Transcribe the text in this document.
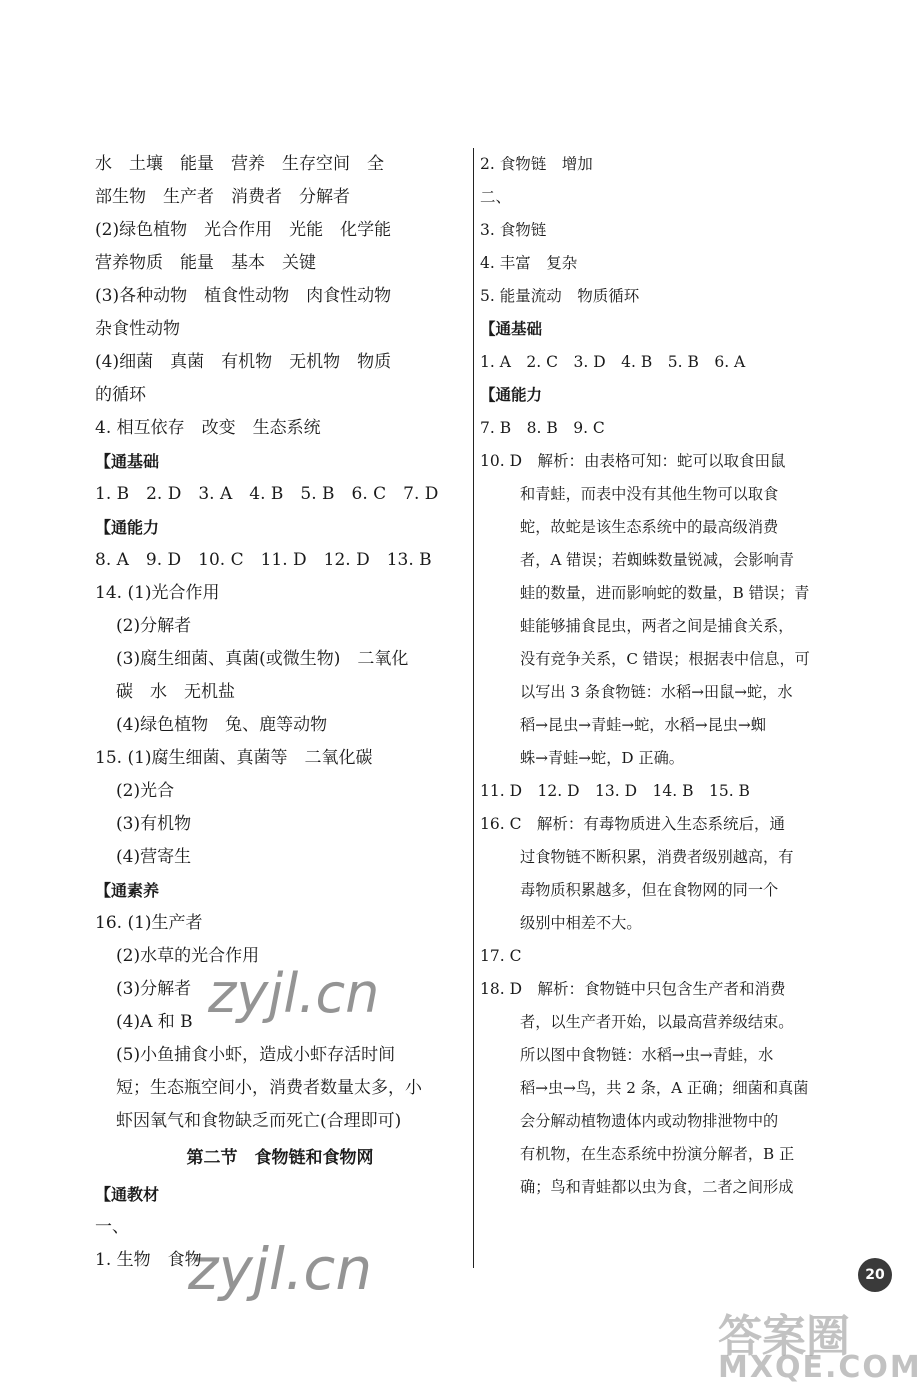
水　土壤　能量　营养　生存空间　全
部生物　生产者　消费者　分解者
(2)绿色植物　光合作用　光能　化学能
营养物质　能量　基本　关键
(3)各种动物　植食性动物　肉食性动物
杂食性动物
(4)细菌　真菌　有机物　无机物　物质
的循环
4. 相互依存　改变　生态系统
【通基础
1. B　2. D　3. A　4. B　5. B　6. C　7. D
【通能力
8. A　9. D　10. C　11. D　12. D　13. B
14. (1)光合作用
(2)分解者
(3)腐生细菌、真菌(或微生物)　二氧化
碳　水　无机盐
(4)绿色植物　兔、鹿等动物
15. (1)腐生细菌、真菌等　二氧化碳
(2)光合
(3)有机物
(4)营寄生
【通素养
16. (1)生产者
(2)水草的光合作用
(3)分解者
(4)A 和 B
(5)小鱼捕食小虾，造成小虾存活时间
短；生态瓶空间小，消费者数量太多，小
虾因氧气和食物缺乏而死亡(合理即可)
第二节　食物链和食物网
【通教材
一、
1. 生物　食物
2. 食物链　增加
二、
3. 食物链
4. 丰富　复杂
5. 能量流动　物质循环
【通基础
1. A　2. C　3. D　4. B　5. B　6. A
【通能力
7. B　8. B　9. C
10. D　解析：由表格可知：蛇可以取食田鼠
和青蛙，而表中没有其他生物可以取食
蛇，故蛇是该生态系统中的最高级消费
者，A 错误；若蜘蛛数量锐减，会影响青
蛙的数量，进而影响蛇的数量，B 错误；青
蛙能够捕食昆虫，两者之间是捕食关系，
没有竞争关系，C 错误；根据表中信息，可
以写出 3 条食物链：水稻→田鼠→蛇，水
稻→昆虫→青蛙→蛇，水稻→昆虫→蜘
蛛→青蛙→蛇，D 正确。
11. D　12. D　13. D　14. B　15. B
16. C　解析：有毒物质进入生态系统后，通
过食物链不断积累，消费者级别越高，有
毒物质积累越多，但在食物网的同一个
级别中相差不大。
17. C
18. D　解析：食物链中只包含生产者和消费
者，以生产者开始，以最高营养级结束。
所以图中食物链：水稻→虫→青蛙，水
稻→虫→鸟，共 2 条，A 正确；细菌和真菌
会分解动植物遗体内或动物排泄物中的
有机物，在生态系统中扮演分解者，B 正
确；鸟和青蛙都以虫为食，二者之间形成
zyjl.cn
zyjl.cn
答案圈
MXQE.COM
20
